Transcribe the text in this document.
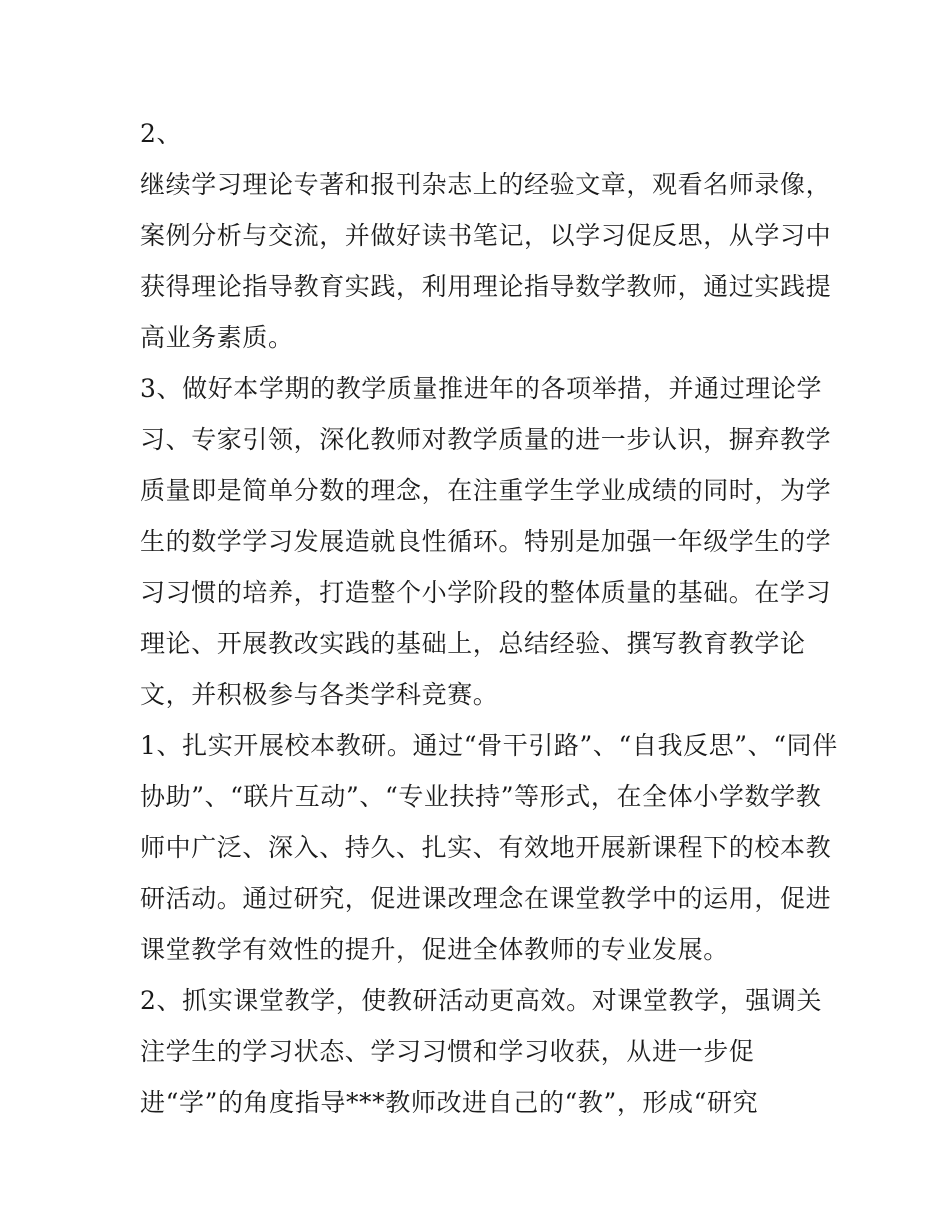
2、
继续学习理论专著和报刊杂志上的经验文章，观看名师录像，
案例分析与交流，并做好读书笔记，以学习促反思，从学习中
获得理论指导教育实践，利用理论指导数学教师，通过实践提
高业务素质。
3、做好本学期的教学质量推进年的各项举措，并通过理论学
习、专家引领，深化教师对教学质量的进一步认识，摒弃教学
质量即是简单分数的理念，在注重学生学业成绩的同时，为学
生的数学学习发展造就良性循环。特别是加强一年级学生的学
习习惯的培养，打造整个小学阶段的整体质量的基础。在学习
理论、开展教改实践的基础上，总结经验、撰写教育教学论
文，并积极参与各类学科竞赛。
1、扎实开展校本教研。通过“骨干引路”、“自我反思”、“同伴
协助”、“联片互动”、“专业扶持”等形式，在全体小学数学教
师中广泛、深入、持久、扎实、有效地开展新课程下的校本教
研活动。通过研究，促进课改理念在课堂教学中的运用，促进
课堂教学有效性的提升，促进全体教师的专业发展。
2、抓实课堂教学，使教研活动更高效。对课堂教学，强调关
注学生的学习状态、学习习惯和学习收获，从进一步促
进“学”的角度指导***教师改进自己的“教”，形成“研究
